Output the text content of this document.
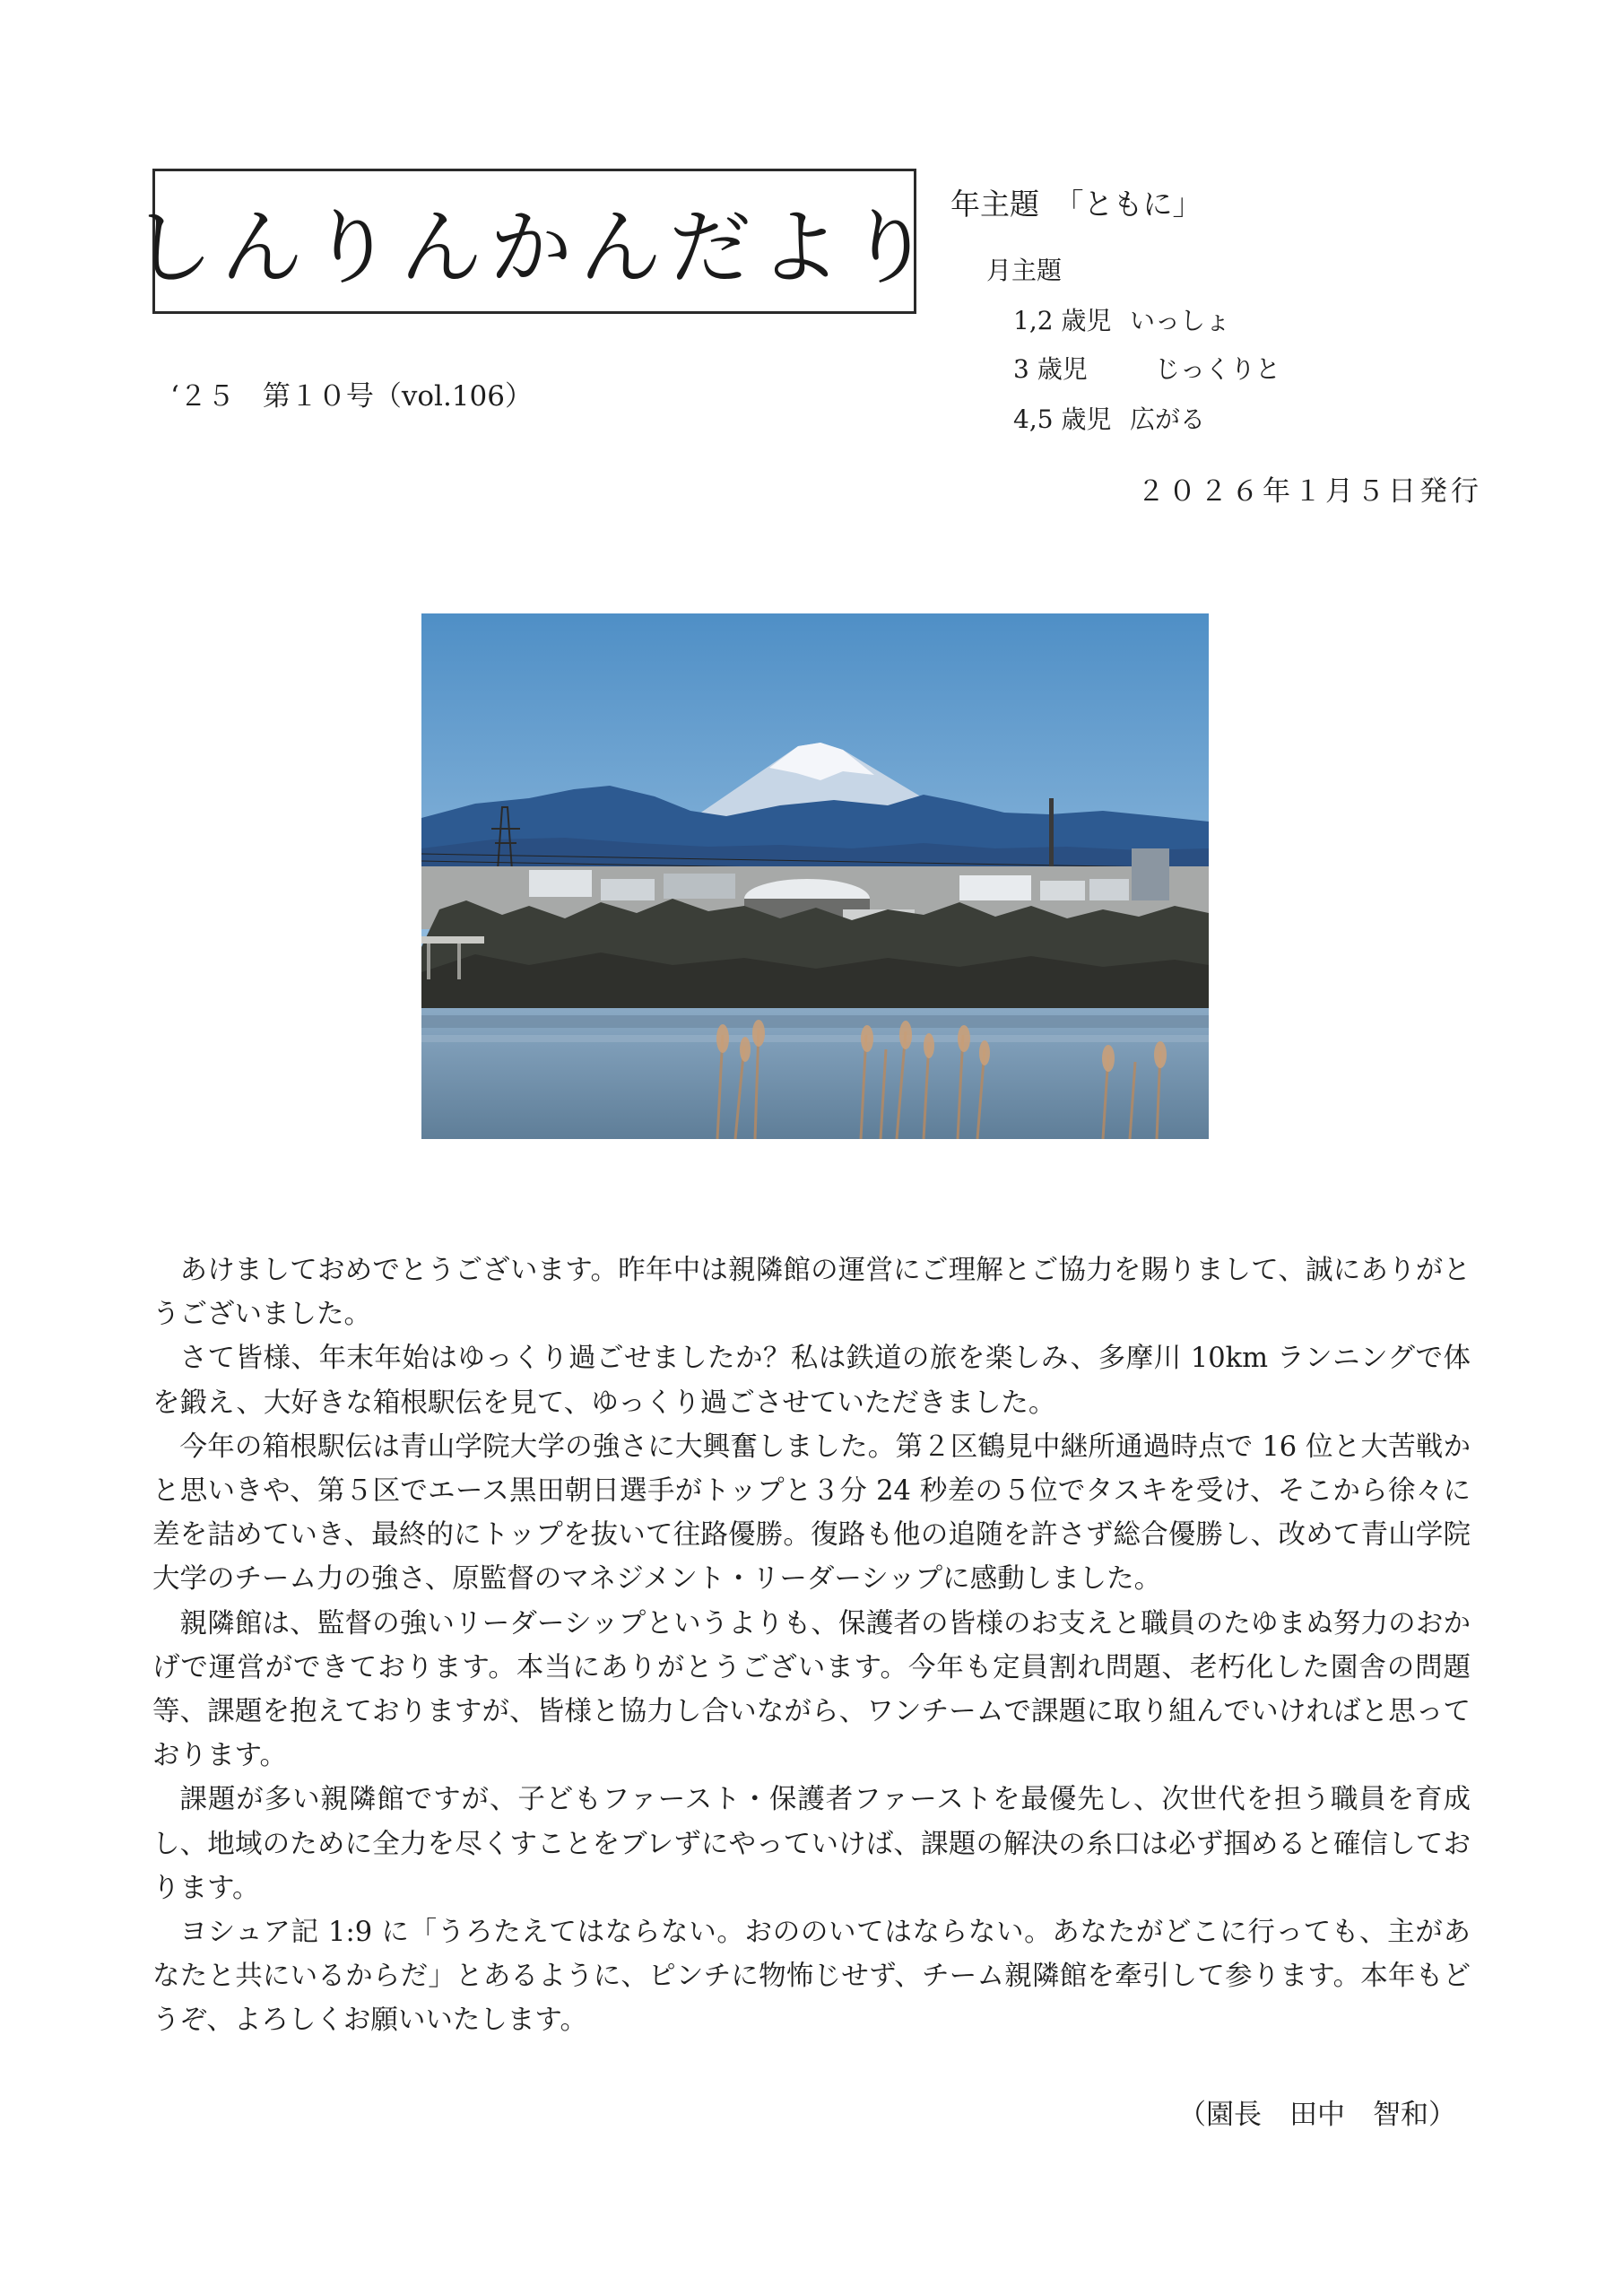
しんりんかんだより
‘２５　第１０号（vol.106）
年主題　「ともに」
月主題
1,2 歳児 いっしょ
3 歳児　じっくりと
4,5 歳児 広がる
２０２６年１月５日発行

あけましておめでとうございます。昨年中は親隣館の運営にご理解とご協力を賜りまして、誠にありがとうございました。

さて皆様、年末年始はゆっくり過ごせましたか？私は鉄道の旅を楽しみ、多摩川 10km ランニングで体を鍛え、大好きな箱根駅伝を見て、ゆっくり過ごさせていただきました。

今年の箱根駅伝は青山学院大学の強さに大興奮しました。第２区鶴見中継所通過時点で 16 位と大苦戦かと思いきや、第５区でエース黒田朝日選手がトップと３分 24 秒差の５位でタスキを受け、そこから徐々に差を詰めていき、最終的にトップを抜いて往路優勝。復路も他の追随を許さず総合優勝し、改めて青山学院大学のチーム力の強さ、原監督のマネジメント・リーダーシップに感動しました。

親隣館は、監督の強いリーダーシップというよりも、保護者の皆様のお支えと職員のたゆまぬ努力のおかげで運営ができております。本当にありがとうございます。今年も定員割れ問題、老朽化した園舎の問題等、課題を抱えておりますが、皆様と協力し合いながら、ワンチームで課題に取り組んでいければと思っております。

課題が多い親隣館ですが、子どもファースト・保護者ファーストを最優先し、次世代を担う職員を育成し、地域のために全力を尽くすことをブレずにやっていけば、課題の解決の糸口は必ず掴めると確信しております。

ヨシュア記 1:9 に「うろたえてはならない。おののいてはならない。あなたがどこに行っても、主があなたと共にいるからだ」とあるように、ピンチに物怖じせず、チーム親隣館を牽引して参ります。本年もどうぞ、よろしくお願いいたします。

（園長　田中　智和）
